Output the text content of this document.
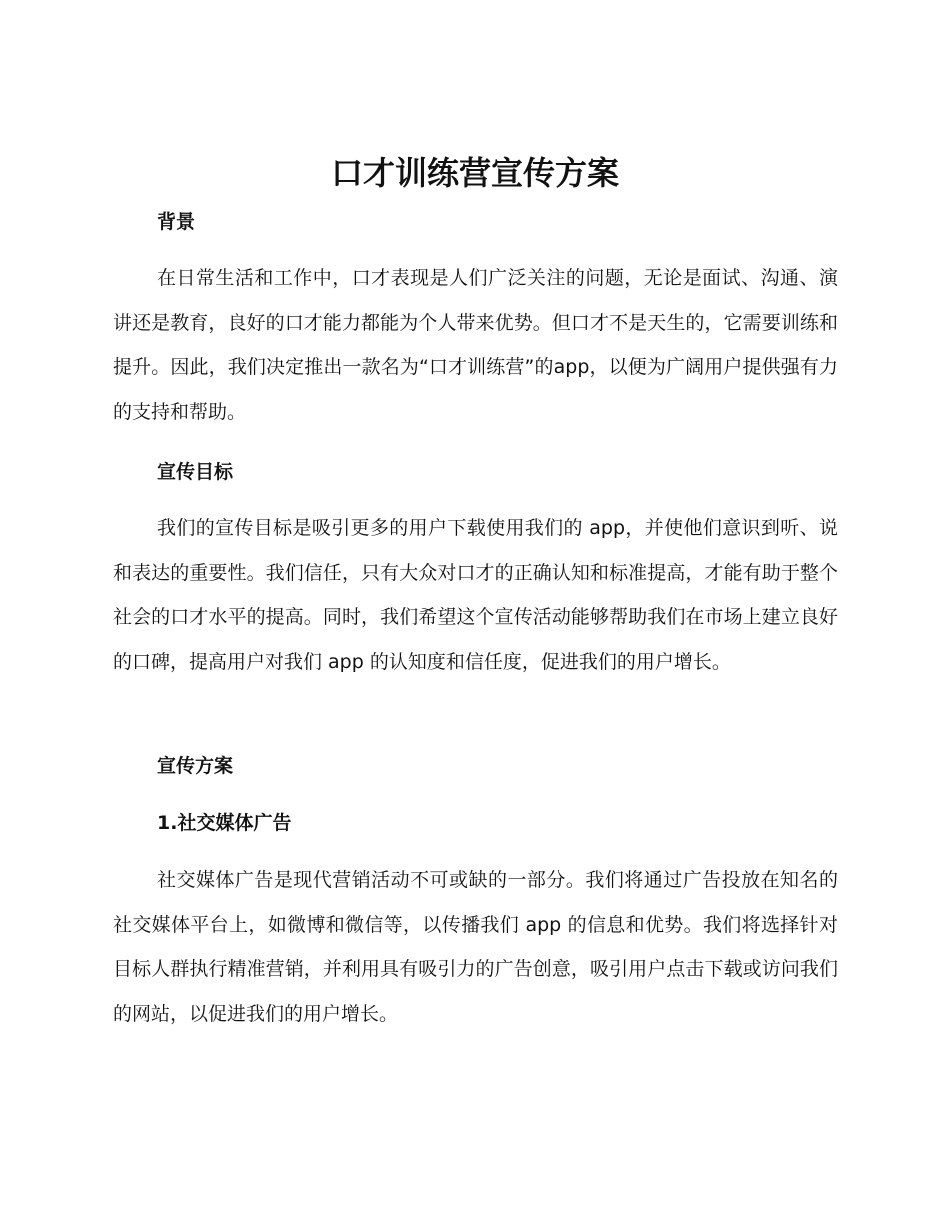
口才训练营宣传方案
背景

在日常生活和工作中，口才表现是人们广泛关注的问题，无论是面试、沟通、演讲还是教育，良好的口才能力都能为个人带来优势。但口才不是天生的，它需要训练和提升。因此，我们决定推出一款名为“口才训练营”的app，以便为广阔用户提供强有力的支持和帮助。

宣传目标

我们的宣传目标是吸引更多的用户下载使用我们的 app，并使他们意识到听、说和表达的重要性。我们信任，只有大众对口才的正确认知和标准提高，才能有助于整个社会的口才水平的提高。同时，我们希望这个宣传活动能够帮助我们在市场上建立良好的口碑，提高用户对我们 app 的认知度和信任度，促进我们的用户增长。

宣传方案
1.社交媒体广告

社交媒体广告是现代营销活动不可或缺的一部分。我们将通过广告投放在知名的社交媒体平台上，如微博和微信等，以传播我们 app 的信息和优势。我们将选择针对目标人群执行精准营销，并利用具有吸引力的广告创意，吸引用户点击下载或访问我们的网站，以促进我们的用户增长。
